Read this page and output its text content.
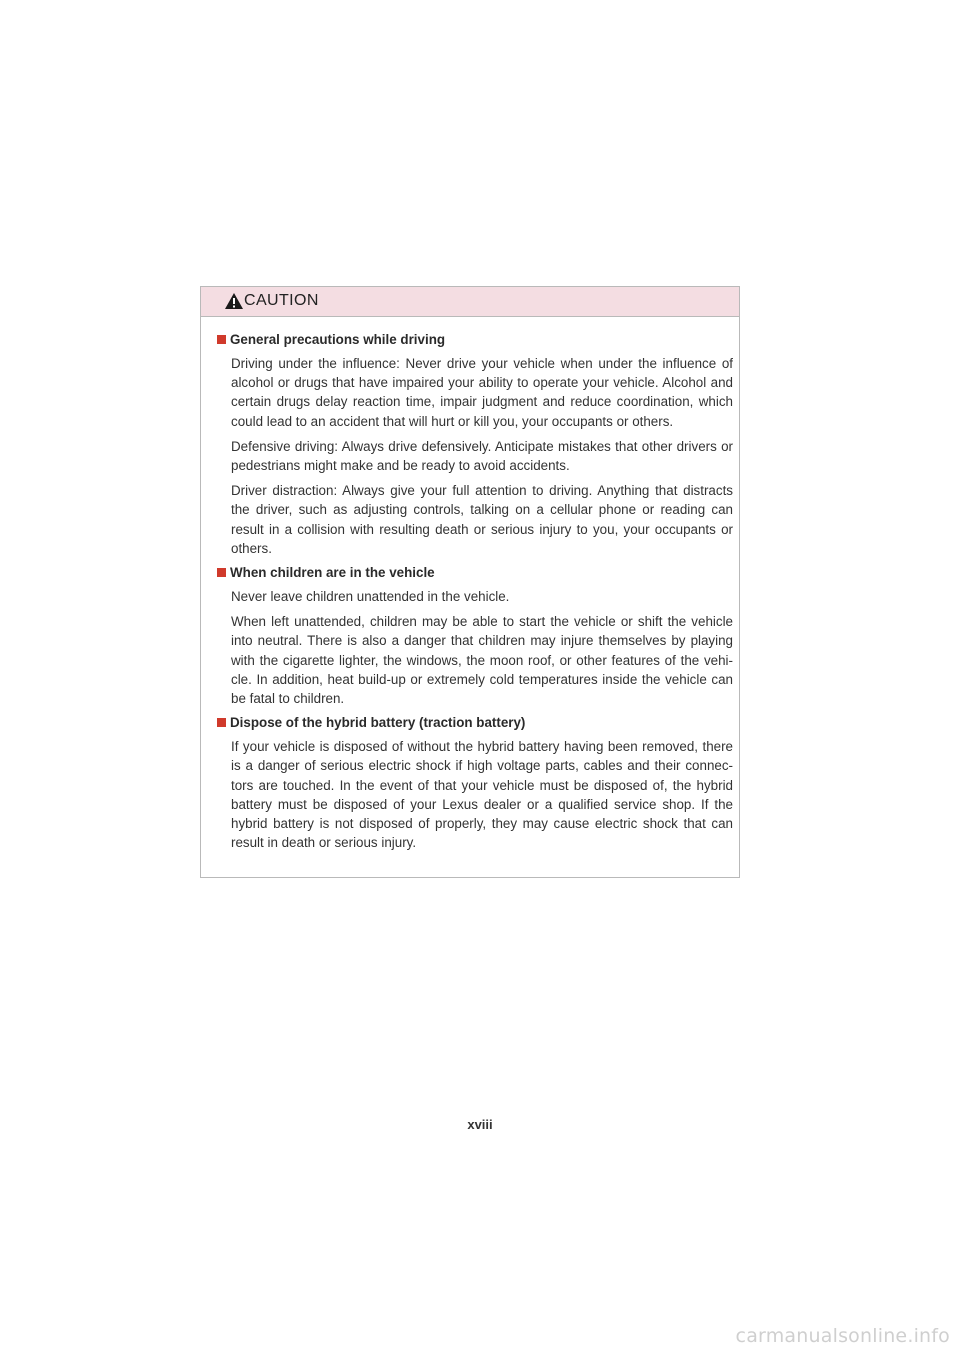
CAUTION
General precautions while driving

Driving under the influence: Never drive your vehicle when under the influence of alcohol or drugs that have impaired your ability to operate your vehicle. Alcohol and certain drugs delay reaction time, impair judgment and reduce coordination, which could lead to an accident that will hurt or kill you, your occupants or others.

Defensive driving: Always drive defensively. Anticipate mistakes that other drivers or pedestrians might make and be ready to avoid accidents.

Driver distraction: Always give your full attention to driving. Anything that distracts the driver, such as adjusting controls, talking on a cellular phone or reading can result in a collision with resulting death or serious injury to you, your occupants or others.

When children are in the vehicle

Never leave children unattended in the vehicle.

When left unattended, children may be able to start the vehicle or shift the vehicle into neutral. There is also a danger that children may injure themselves by playing with the cigarette lighter, the windows, the moon roof, or other features of the vehi-cle. In addition, heat build-up or extremely cold temperatures inside the vehicle can be fatal to children.

Dispose of the hybrid battery (traction battery)

If your vehicle is disposed of without the hybrid battery having been removed, there is a danger of serious electric shock if high voltage parts, cables and their connec-tors are touched. In the event of that your vehicle must be disposed of, the hybrid battery must be disposed of your Lexus dealer or a qualified service shop. If the hybrid battery is not disposed of properly, they may cause electric shock that can result in death or serious injury.

xviii
carmanualsonline.info
